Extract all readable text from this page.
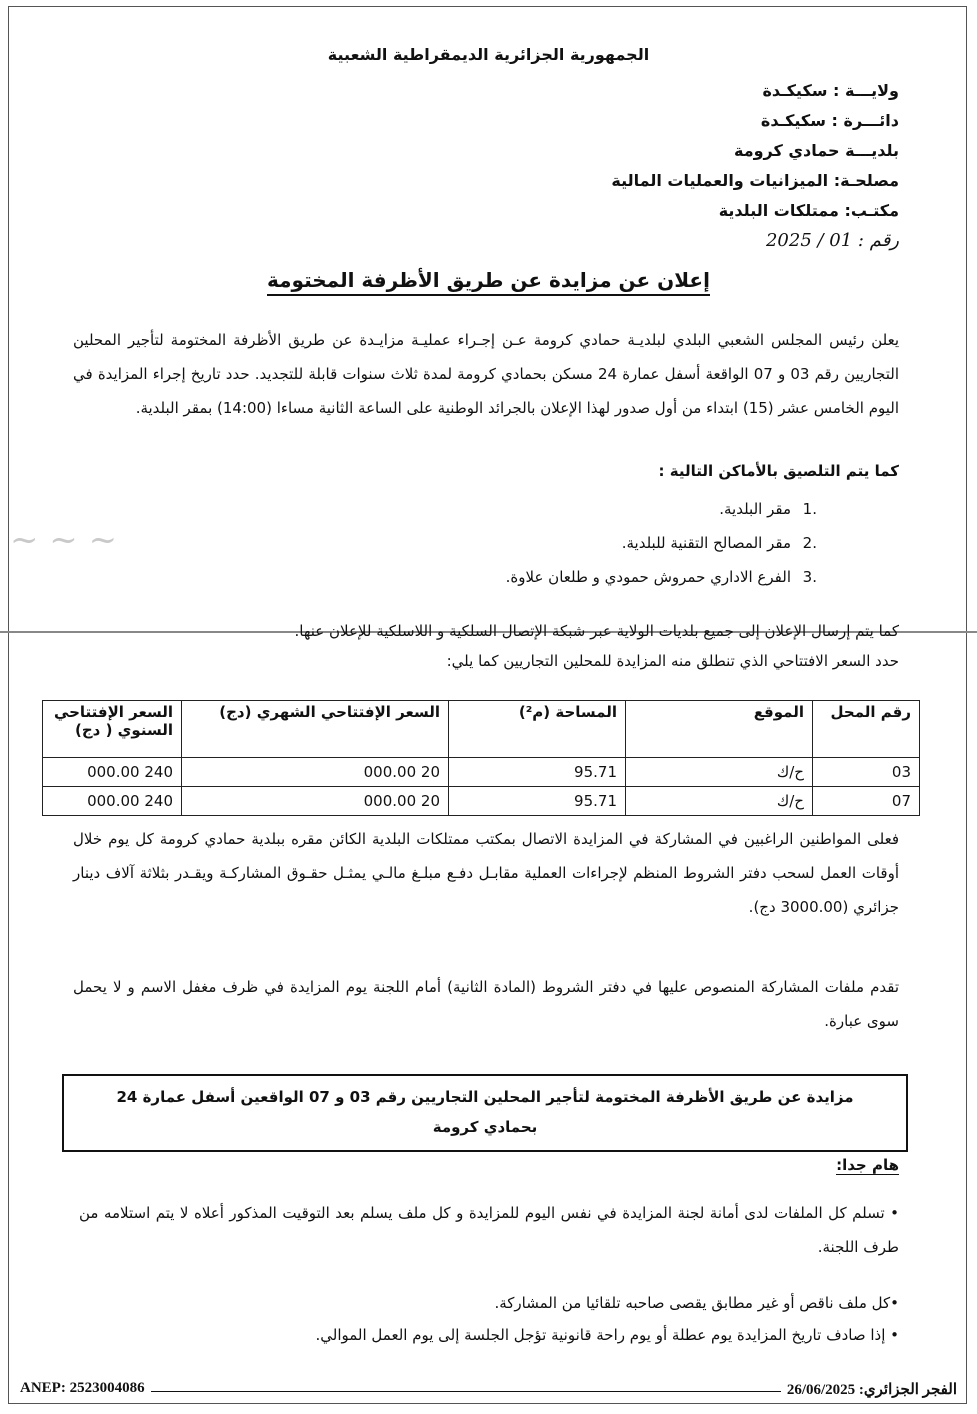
الجمهورية الجزائرية الديمقراطية الشعبية
ولايـــة : سكيكـدة
دائـــرة : سكيكـدة
بلديـــة حمادي كرومة
مصلحـة: الميزانيات والعمليات المالية
مكتـب: ممتلكات البلدية
رقم : 01 / 2025
~ ~ ~
إعلان عن مزايدة عن طريق الأظرفة المختومة
يعلن رئيس المجلس الشعبي البلدي لبلديـة حمادي كرومة عـن إجـراء عمليـة مزايـدة عن طريق الأظرفة المختومة لتأجير المحلين التجاريين رقم 03 و 07 الواقعة أسفل عمارة 24 مسكن بحمادي كرومة لمدة ثلاث سنوات قابلة للتجديد. حدد تاريخ إجراء المزايدة في اليوم الخامس عشر (15) ابتداء من أول صدور لهذا الإعلان بالجرائد الوطنية على الساعة الثانية مساءا (14:00) بمقر البلدية.
كما يتم التلصيق بالأماكن التالية :
.1مقر البلدية.
.2مقر المصالح التقنية للبلدية.
.3الفرع الاداري حمروش حمودي و طلعان علاوة.
كما يتم إرسال الإعلان إلى جميع بلديات الولاية عبر شبكة الإتصال السلكية و اللاسلكية للإعلان عنها.
حدد السعر الافتتاحي الذي تنطلق منه المزايدة للمحلين التجاريين كما يلي:
رقم المحل	الموقع	المساحة (م²)	السعر الإفتتاحي الشهري (دج)	السعر الإفتتاحي السنوي ( دج)
03	ح/ك	95.71	20 000.00	240 000.00
07	ح/ك	95.71	20 000.00	240 000.00
فعلى المواطنين الراغبين في المشاركة في المزايدة الاتصال بمكتب ممتلكات البلدية الكائن مقره ببلدية حمادي كرومة كل يوم خلال أوقات العمل لسحب دفتر الشروط المنظم لإجراءات العملية مقابـل دفـع مبلـغ مالـي يمثـل حقـوق المشاركـة ويقـدر بثلاثة آلاف دينار جزائري (3000.00 دج).
تقدم ملفات المشاركة المنصوص عليها في دفتر الشروط (المادة الثانية) أمام اللجنة يوم المزايدة في ظرف مغفل الاسم و لا يحمل سوى عبارة.
مزايدة عن طريق الأظرفة المختومة لتأجير المحلين التجاريين رقم 03 و 07 الواقعين أسفل عمارة 24
بحمادي كرومة
هام جدا:
• تسلم كل الملفات لدى أمانة لجنة المزايدة في نفس اليوم للمزايدة و كل ملف يسلم بعد التوقيت المذكور أعلاه لا يتم استلامه من طرف اللجنة.
•كل ملف ناقص أو غير مطابق يقصى صاحبه تلقائيا من المشاركة.
• إذا صادف تاريخ المزايدة يوم عطلة أو يوم راحة قانونية تؤجل الجلسة إلى يوم العمل الموالي.
ANEP: 2523004086	الفجر الجزائري: 26/06/2025
